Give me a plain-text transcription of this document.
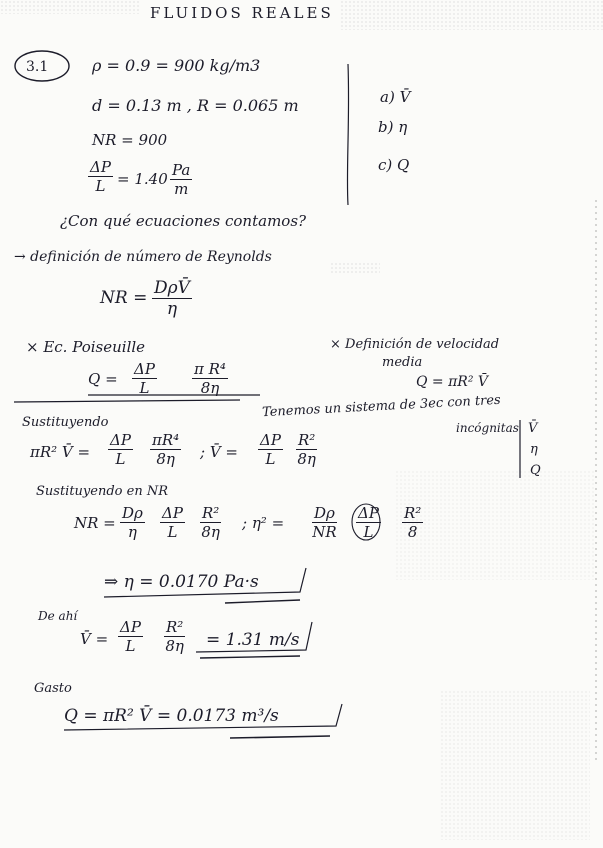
FLUIDOS REALES
3.1	ρ = 0.9 = 900 kg/m3
d = 0.13 m , R = 0.065 m
NR = 900
$\frac{\Delta P}{L} = 1.40 \frac{Pa}{m}$
a) V̄
b) η
c) Q
¿Con qué ecuaciones contamos?
→ definición de número de Reynolds
NR = DρV̄
η
× Ec. Poiseuille
$Q = \frac{\Delta P}{L} \frac{\text{π R⁴}}{8\eta}$
× Definición de velocidad
media
Q = πR² V̄
Tenemos un sistema de 3ec con tres
incógnitas V̄
η
Q
Sustituyendo
πR² V̄ = $\frac{\Delta P}{L} \frac{\text{πR⁴}}{8\eta}$ ; V̄ = $\frac{\Delta P}{L} \frac{\text{R²}}{8\eta}$
Sustituyendo en NR
NR = $\frac{D\rho}{\eta} \frac{\Delta P}{L} \frac{\text{R²}}{8\eta}$ ; $\eta^2 = \frac{D\rho}{NR} \frac{\Delta P}{L} \frac{\text{R²}}{8}$
⇒ η = 0.0170 Pa·s
De ahí
V̄ = $\frac{\Delta P}{L} \frac{\text{R²}}{8\eta} = 1.31$ m/s
Gasto
Q = πR² V̄ = 0.0173 m³/s
